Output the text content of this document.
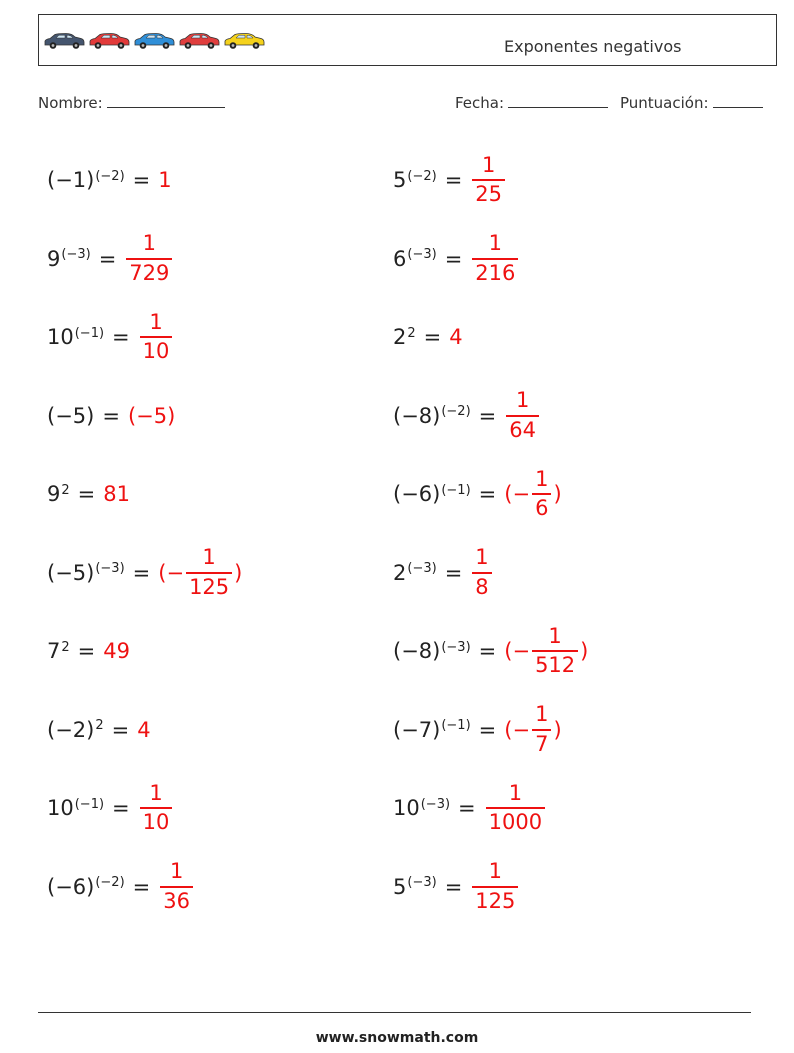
Exponentes negativos
Nombre:	Fecha:	Puntuación:
$(-1)^{(-2)} = 1$
$9^{(-3)} = \frac{1}{729}$
$10^{(-1)} = \frac{1}{10}$
(−5) = (−5)
$9^2 = 81$
$(-5)^{(-3)}$ = (− $\frac{1}{125}$ )
$7^2 = 49$
$(-2)^2 = 4$
$10^{(-1)} = \frac{1}{10}$
$(-6)^{(-2)} = \frac{1}{36}$
$5^{(-2)} = \frac{1}{25}$
$6^{(-3)} = \frac{1}{216}$
$2^2 = 4$
$(-8)^{(-2)} = \frac{1}{64}$
$(-6)^{(-1)}$ = (− $\frac{1}{6}$ )
$2^{(-3)} = \frac{1}{8}$
$(-8)^{(-3)}$ = (− $\frac{1}{512}$ )
$(-7)^{(-1)}$ = (− $\frac{1}{7}$ )
$10^{(-3)} = \frac{1}{1000}$
$5^{(-3)} = \frac{1}{125}$
www.snowmath.com
